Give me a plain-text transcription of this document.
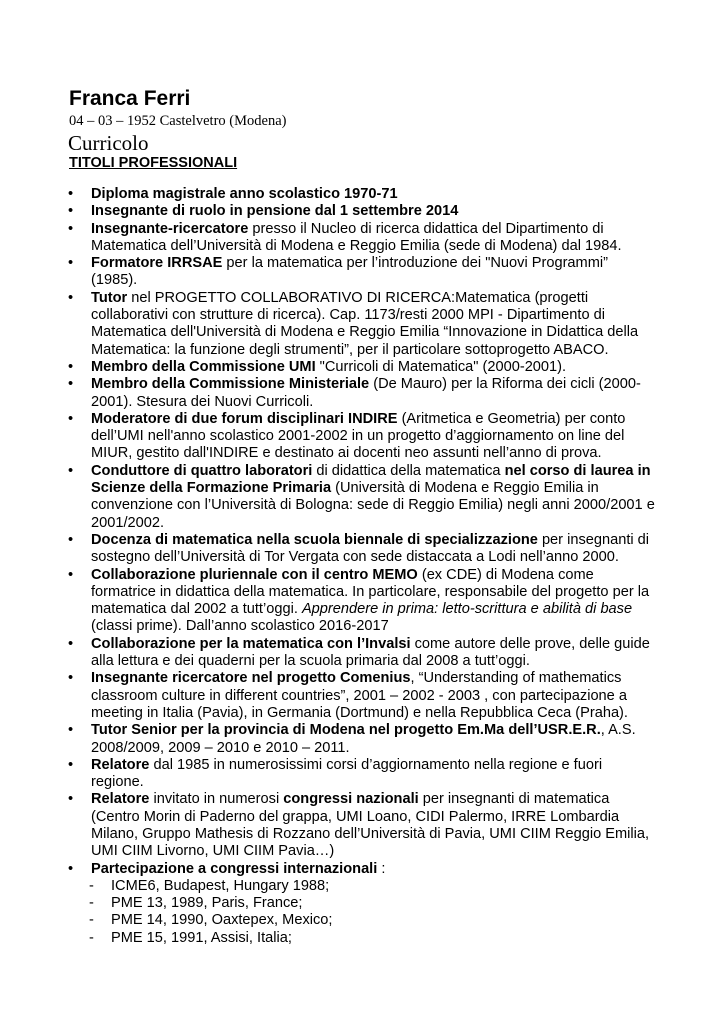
Franca Ferri
04 – 03 – 1952 Castelvetro (Modena)
Curricolo
TITOLI PROFESSIONALI
• Diploma magistrale anno scolastico 1970-71
• Insegnante di ruolo in pensione dal 1 settembre 2014
• Insegnante-ricercatore presso il Nucleo di ricerca didattica del Dipartimento di
Matematica dell’Università di Modena e Reggio Emilia (sede di Modena) dal 1984.
• Formatore IRRSAE per la matematica per l’introduzione dei "Nuovi Programmi”
(1985).
• Tutor nel PROGETTO COLLABORATIVO DI RICERCA:Matematica (progetti
collaborativi con strutture di ricerca). Cap. 1173/resti 2000 MPI - Dipartimento di
Matematica dell'Università di Modena e Reggio Emilia “Innovazione in Didattica della
Matematica: la funzione degli strumenti”, per il particolare sottoprogetto ABACO.
• Membro della Commissione UMI "Curricoli di Matematica" (2000-2001).
• Membro della Commissione Ministeriale (De Mauro) per la Riforma dei cicli (2000-
2001). Stesura dei Nuovi Curricoli.
• Moderatore di due forum disciplinari INDIRE (Aritmetica e Geometria) per conto
dell’UMI nell'anno scolastico 2001-2002 in un progetto d’aggiornamento on line del
MIUR, gestito dall'INDIRE e destinato ai docenti neo assunti nell’anno di prova.
• Conduttore di quattro laboratori di didattica della matematica nel corso di laurea in
Scienze della Formazione Primaria (Università di Modena e Reggio Emilia in
convenzione con l’Università di Bologna: sede di Reggio Emilia) negli anni 2000/2001 e
2001/2002.
• Docenza di matematica nella scuola biennale di specializzazione per insegnanti di
sostegno dell’Università di Tor Vergata con sede distaccata a Lodi nell’anno 2000.
• Collaborazione pluriennale con il centro MEMO (ex CDE) di Modena come
formatrice in didattica della matematica. In particolare, responsabile del progetto per la
matematica dal 2002 a tutt’oggi. Apprendere in prima: letto-scrittura e abilità di base
(classi prime). Dall’anno scolastico 2016-2017
• Collaborazione per la matematica con l’Invalsi come autore delle prove, delle guide
alla lettura e dei quaderni per la scuola primaria dal 2008 a tutt’oggi.
• Insegnante ricercatore nel progetto Comenius, “Understanding of mathematics
classroom culture in different countries”, 2001 – 2002 - 2003 , con partecipazione a
meeting in Italia (Pavia), in Germania (Dortmund) e nella Repubblica Ceca (Praha).
• Tutor Senior per la provincia di Modena nel progetto Em.Ma dell’USR.E.R., A.S.
2008/2009, 2009 – 2010 e 2010 – 2011.
• Relatore dal 1985 in numerosissimi corsi d’aggiornamento nella regione e fuori
regione.
• Relatore invitato in numerosi congressi nazionali per insegnanti di matematica
(Centro Morin di Paderno del grappa, UMI Loano, CIDI Palermo, IRRE Lombardia
Milano, Gruppo Mathesis di Rozzano dell’Università di Pavia, UMI CIIM Reggio Emilia,
UMI CIIM Livorno, UMI CIIM Pavia…)
• Partecipazione a congressi internazionali :
- ICME6, Budapest, Hungary 1988;
- PME 13, 1989, Paris, France;
- PME 14, 1990, Oaxtepex, Mexico;
- PME 15, 1991, Assisi, Italia;
